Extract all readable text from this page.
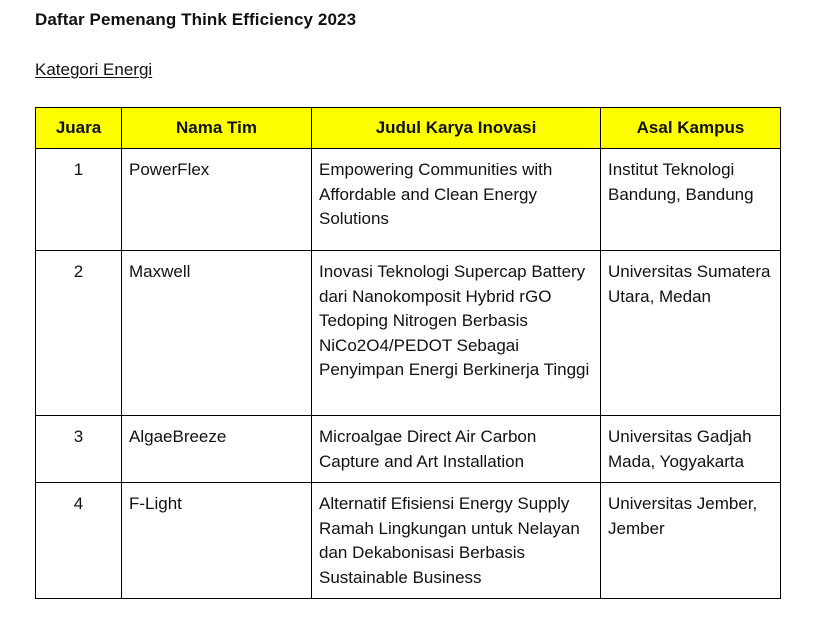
Daftar Pemenang Think Efficiency 2023
Kategori Energi
Juara	Nama Tim	Judul Karya Inovasi	Asal Kampus
1	PowerFlex	Empowering Communities with Affordable and Clean Energy Solutions	Institut Teknologi Bandung, Bandung
2	Maxwell	Inovasi Teknologi Supercap Battery dari Nanokomposit Hybrid rGO Tedoping Nitrogen Berbasis NiCo2O4/PEDOT Sebagai Penyimpan Energi Berkinerja Tinggi	Universitas Sumatera Utara, Medan
3	AlgaeBreeze	Microalgae Direct Air Carbon Capture and Art Installation	Universitas Gadjah Mada, Yogyakarta
4	F-Light	Alternatif Efisiensi Energy Supply Ramah Lingkungan untuk Nelayan dan Dekabonisasi Berbasis Sustainable Business	Universitas Jember, Jember
